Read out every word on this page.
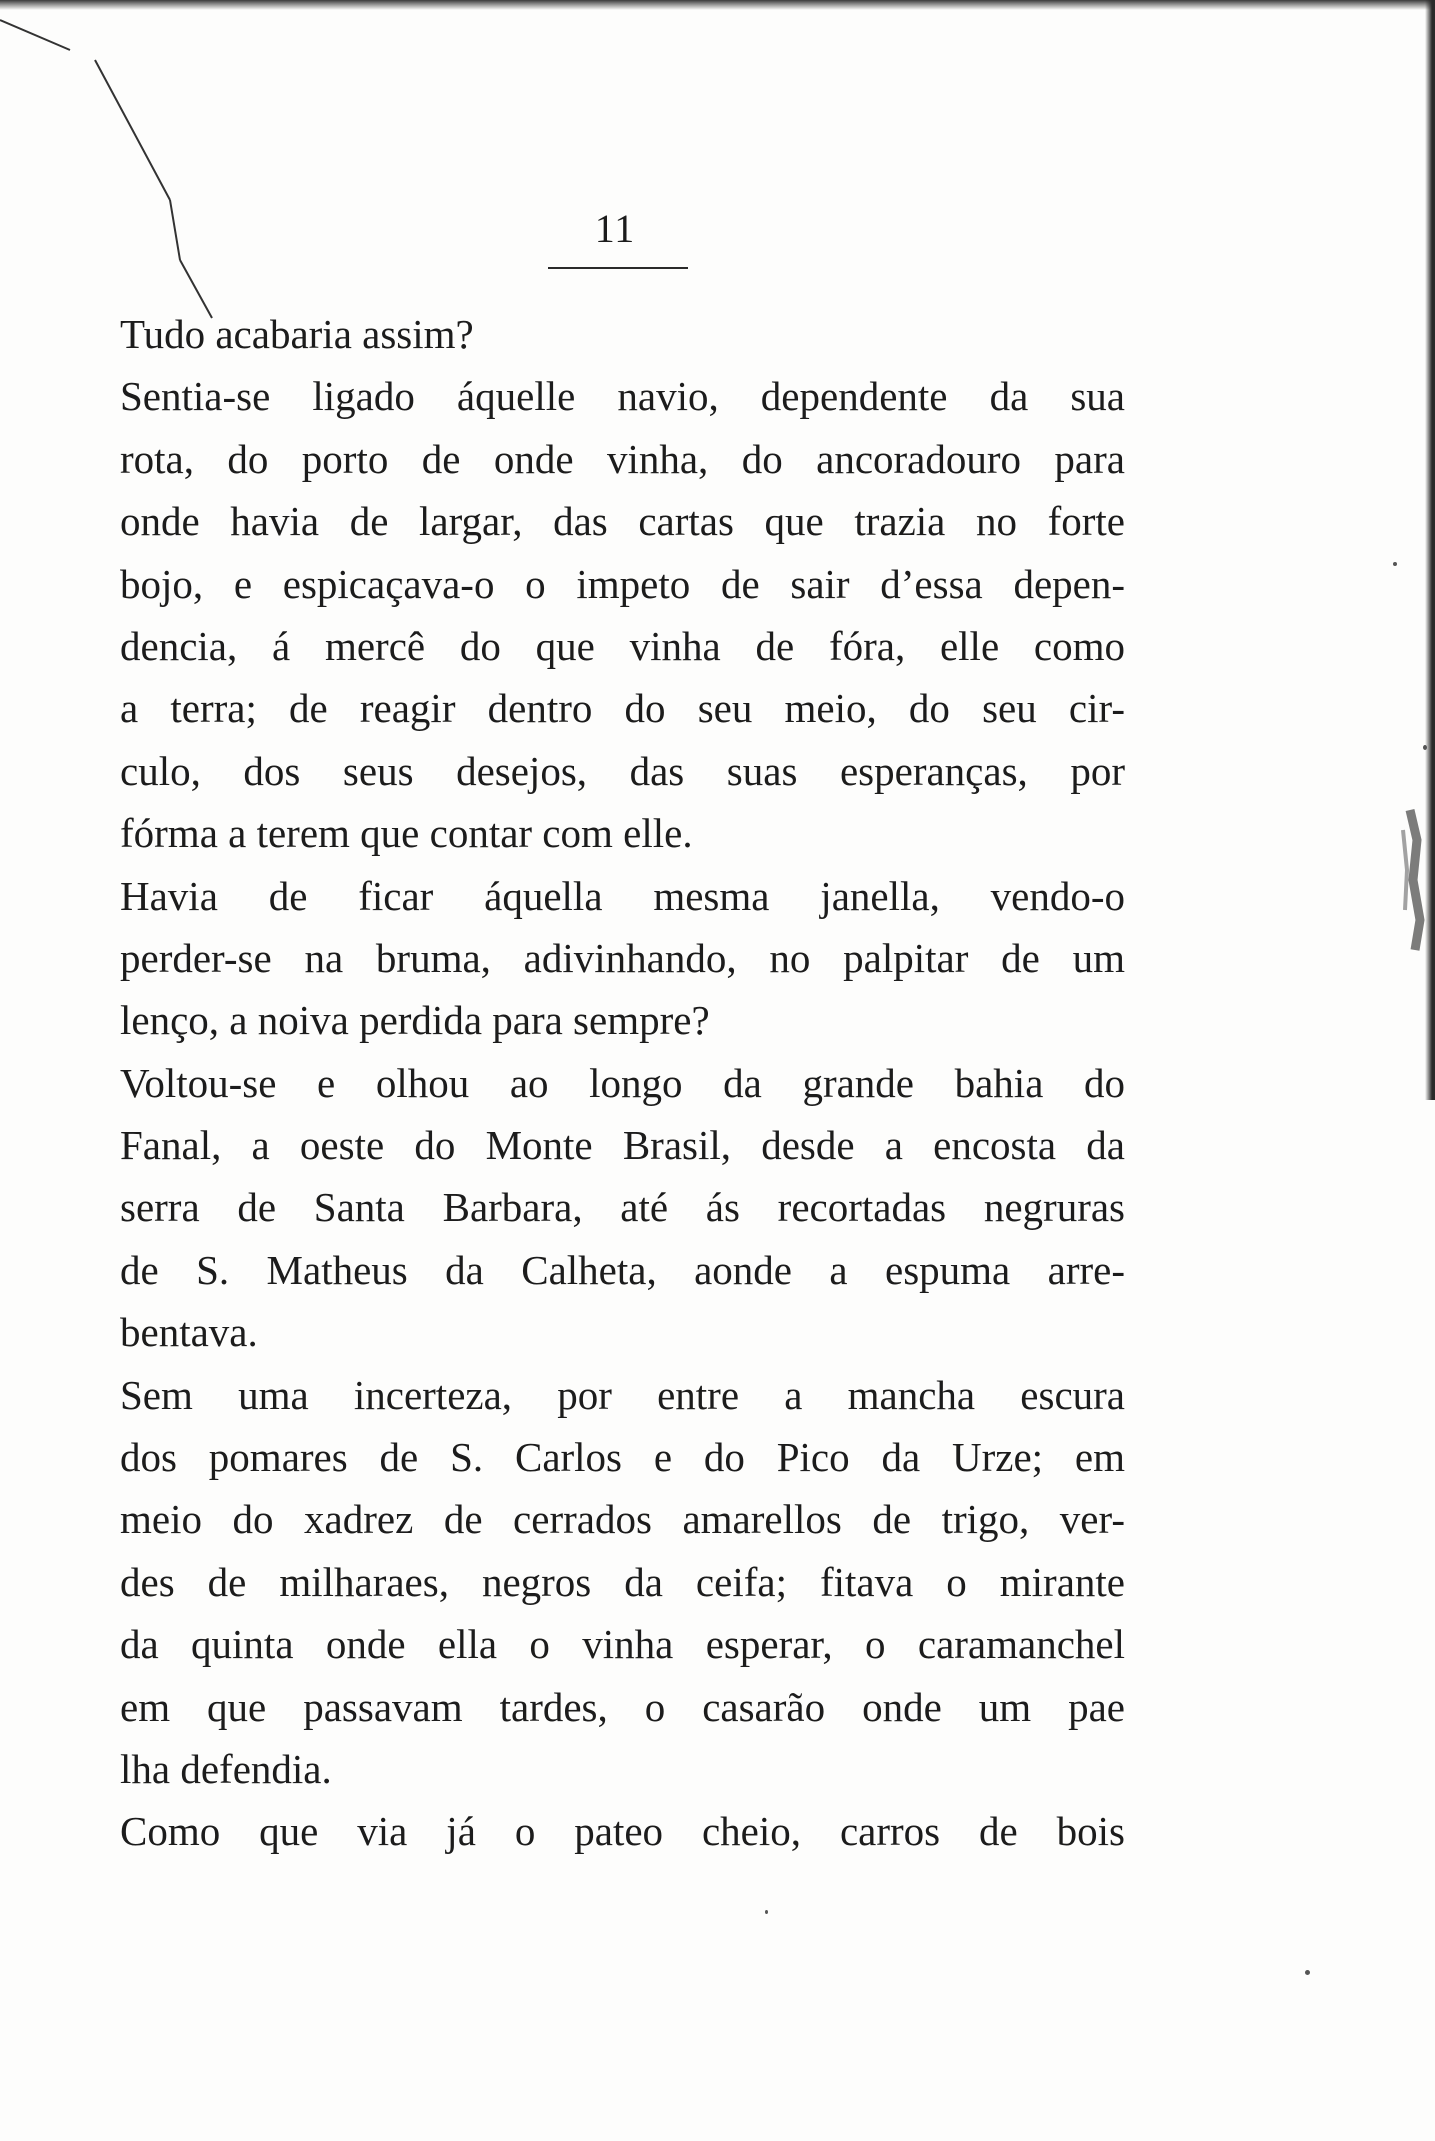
11
Tudo acabaria assim?
Sentia-se ligado áquelle navio, dependente da sua
rota, do porto de onde vinha, do ancoradouro para
onde havia de largar, das cartas que trazia no forte
bojo, e espicaçava-o o impeto de sair d’essa depen-
dencia, á mercê do que vinha de fóra, elle como
a terra; de reagir dentro do seu meio, do seu cir-
culo, dos seus desejos, das suas esperanças, por
fórma a terem que contar com elle.
Havia de ficar áquella mesma janella, vendo-o
perder-se na bruma, adivinhando, no palpitar de um
lenço, a noiva perdida para sempre?
Voltou-se e olhou ao longo da grande bahia do
Fanal, a oeste do Monte Brasil, desde a encosta da
serra de Santa Barbara, até ás recortadas negruras
de S. Matheus da Calheta, aonde a espuma arre-
bentava.
Sem uma incerteza, por entre a mancha escura
dos pomares de S. Carlos e do Pico da Urze; em
meio do xadrez de cerrados amarellos de trigo, ver-
des de milharaes, negros da ceifa; fitava o mirante
da quinta onde ella o vinha esperar, o caramanchel
em que passavam tardes, o casarão onde um pae
lha defendia.
Como que via já o pateo cheio, carros de bois
